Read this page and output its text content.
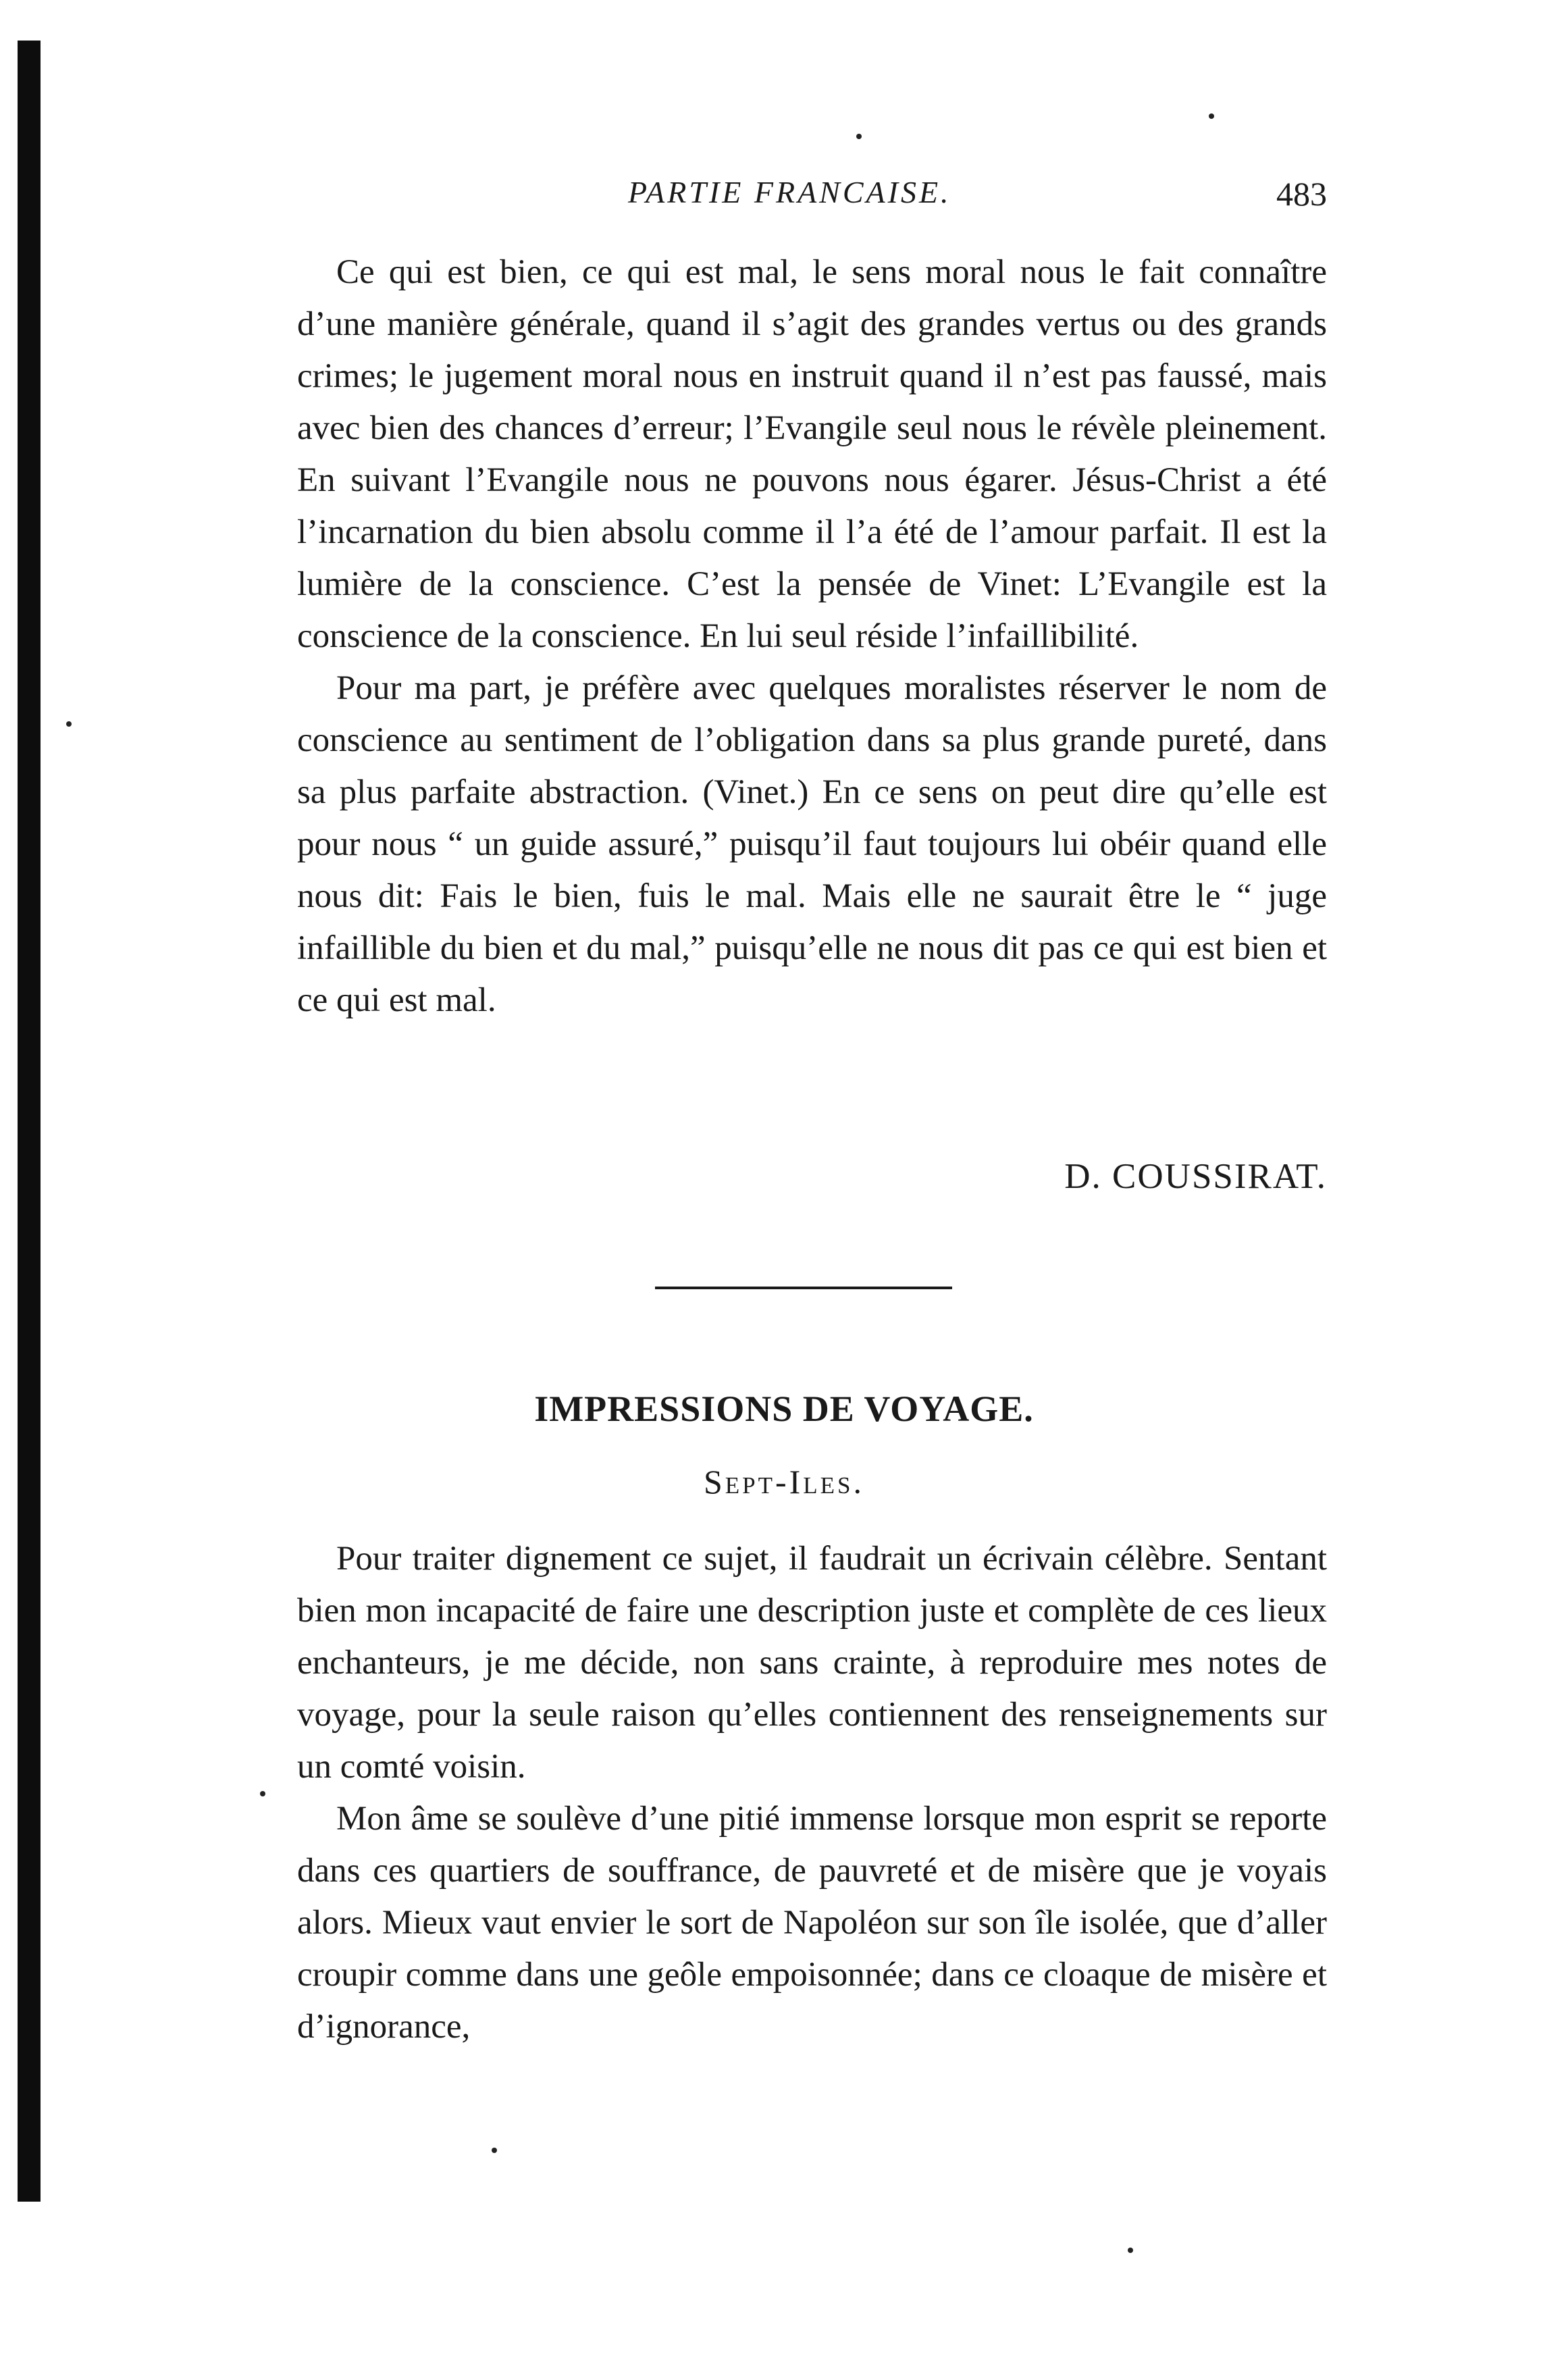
PARTIE FRANCAISE.	483

Ce qui est bien, ce qui est mal, le sens moral nous le fait connaître d’une manière générale, quand il s’agit des grandes vertus ou des grands crimes; le jugement moral nous en instruit quand il n’est pas faussé, mais avec bien des chances d’erreur; l’Evangile seul nous le révèle pleinement. En suivant l’Evangile nous ne pouvons nous égarer. Jésus-Christ a été l’incarnation du bien absolu comme il l’a été de l’amour parfait. Il est la lumière de la conscience. C’est la pensée de Vinet: L’Evangile est la conscience de la conscience. En lui seul réside l’infaillibilité.

Pour ma part, je préfère avec quelques moralistes réserver le nom de conscience au sentiment de l’obligation dans sa plus grande pureté, dans sa plus parfaite abstraction. (Vinet.) En ce sens on peut dire qu’elle est pour nous “ un guide assuré,” puisqu’il faut toujours lui obéir quand elle nous dit: Fais le bien, fuis le mal. Mais elle ne saurait être le “ juge infaillible du bien et du mal,” puisqu’elle ne nous dit pas ce qui est bien et ce qui est mal.

D. COUSSIRAT.
IMPRESSIONS DE VOYAGE.
Sept-Iles.

Pour traiter dignement ce sujet, il faudrait un écrivain célèbre. Sentant bien mon incapacité de faire une description juste et complète de ces lieux enchanteurs, je me décide, non sans crainte, à reproduire mes notes de voyage, pour la seule raison qu’elles contiennent des renseignements sur un comté voisin.

Mon âme se soulève d’une pitié immense lorsque mon esprit se reporte dans ces quartiers de souffrance, de pauvreté et de misère que je voyais alors. Mieux vaut envier le sort de Napoléon sur son île isolée, que d’aller croupir comme dans une geôle empoisonnée; dans ce cloaque de misère et d’ignorance,
